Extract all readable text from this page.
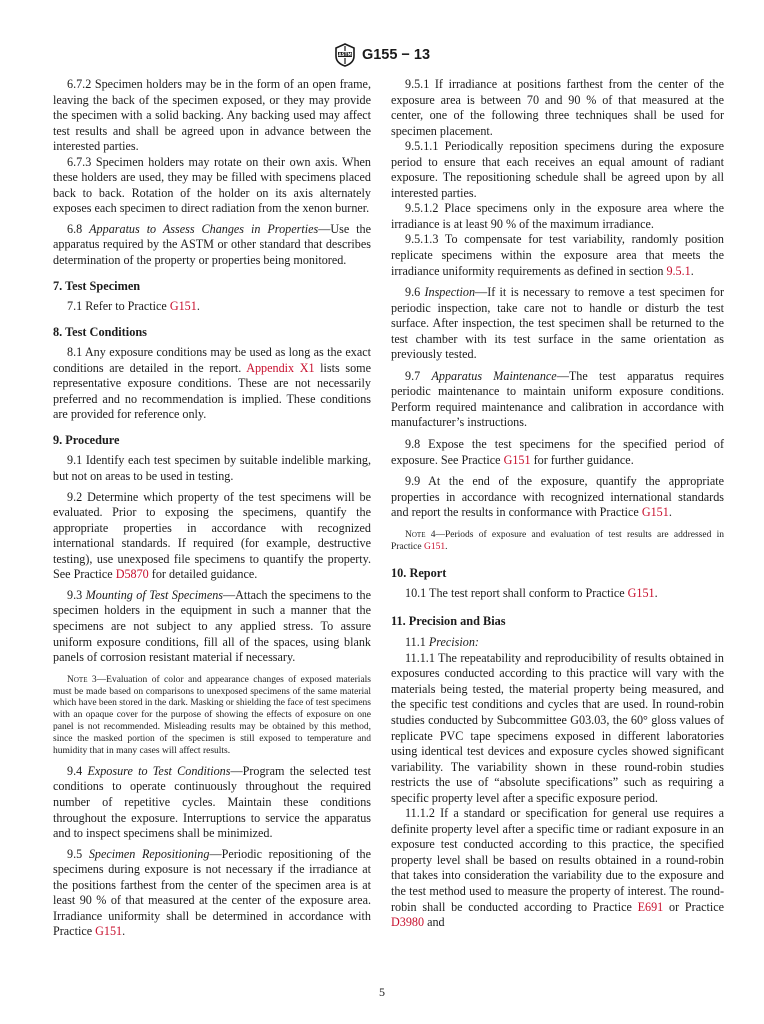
ASTM G155 − 13

6.7.2 Specimen holders may be in the form of an open frame, leaving the back of the specimen exposed, or they may provide the specimen with a solid backing. Any backing used may affect test results and shall be agreed upon in advance between the interested parties.

6.7.3 Specimen holders may rotate on their own axis. When these holders are used, they may be filled with specimens placed back to back. Rotation of the holder on its axis alternately exposes each specimen to direct radiation from the xenon burner.

6.8 Apparatus to Assess Changes in Properties—Use the apparatus required by the ASTM or other standard that describes determination of the property or properties being monitored.

7. Test Specimen

7.1 Refer to Practice G151.

8. Test Conditions

8.1 Any exposure conditions may be used as long as the exact conditions are detailed in the report. Appendix X1 lists some representative exposure conditions. These are not necessarily preferred and no recommendation is implied. These conditions are provided for reference only.

9. Procedure

9.1 Identify each test specimen by suitable indelible marking, but not on areas to be used in testing.

9.2 Determine which property of the test specimens will be evaluated. Prior to exposing the specimens, quantify the appropriate properties in accordance with recognized international standards. If required (for example, destructive testing), use unexposed file specimens to quantify the property. See Practice D5870 for detailed guidance.

9.3 Mounting of Test Specimens—Attach the specimens to the specimen holders in the equipment in such a manner that the specimens are not subject to any applied stress. To assure uniform exposure conditions, fill all of the spaces, using blank panels of corrosion resistant material if necessary.

Note 3—Evaluation of color and appearance changes of exposed materials must be made based on comparisons to unexposed specimens of the same material which have been stored in the dark. Masking or shielding the face of test specimens with an opaque cover for the purpose of showing the effects of exposure on one panel is not recommended. Misleading results may be obtained by this method, since the masked portion of the specimen is still exposed to temperature and humidity that in many cases will affect results.

9.4 Exposure to Test Conditions—Program the selected test conditions to operate continuously throughout the required number of repetitive cycles. Maintain these conditions throughout the exposure. Interruptions to service the apparatus and to inspect specimens shall be minimized.

9.5 Specimen Repositioning—Periodic repositioning of the specimens during exposure is not necessary if the irradiance at the positions farthest from the center of the specimen area is at least 90 % of that measured at the center of the exposure area. Irradiance uniformity shall be determined in accordance with Practice G151.

9.5.1 If irradiance at positions farthest from the center of the exposure area is between 70 and 90 % of that measured at the center, one of the following three techniques shall be used for specimen placement.

9.5.1.1 Periodically reposition specimens during the exposure period to ensure that each receives an equal amount of radiant exposure. The repositioning schedule shall be agreed upon by all interested parties.

9.5.1.2 Place specimens only in the exposure area where the irradiance is at least 90 % of the maximum irradiance.

9.5.1.3 To compensate for test variability, randomly position replicate specimens within the exposure area that meets the irradiance uniformity requirements as defined in section 9.5.1.

9.6 Inspection—If it is necessary to remove a test specimen for periodic inspection, take care not to handle or disturb the test surface. After inspection, the test specimen shall be returned to the test chamber with its test surface in the same orientation as previously tested.

9.7 Apparatus Maintenance—The test apparatus requires periodic maintenance to maintain uniform exposure conditions. Perform required maintenance and calibration in accordance with manufacturer’s instructions.

9.8 Expose the test specimens for the specified period of exposure. See Practice G151 for further guidance.

9.9 At the end of the exposure, quantify the appropriate properties in accordance with recognized international standards and report the results in conformance with Practice G151.

Note 4—Periods of exposure and evaluation of test results are addressed in Practice G151.

10. Report

10.1 The test report shall conform to Practice G151.

11. Precision and Bias

11.1 Precision:

11.1.1 The repeatability and reproducibility of results obtained in exposures conducted according to this practice will vary with the materials being tested, the material property being measured, and the specific test conditions and cycles that are used. In round-robin studies conducted by Subcommittee G03.03, the 60° gloss values of replicate PVC tape specimens exposed in different laboratories using identical test devices and exposure cycles showed significant variability. The variability shown in these round-robin studies restricts the use of “absolute specifications” such as requiring a specific property level after a specific exposure period.

11.1.2 If a standard or specification for general use requires a definite property level after a specific time or radiant exposure in an exposure test conducted according to this practice, the specified property level shall be based on results obtained in a round-robin that takes into consideration the variability due to the exposure and the test method used to measure the property of interest. The round-robin shall be conducted according to Practice E691 or Practice D3980 and

5
